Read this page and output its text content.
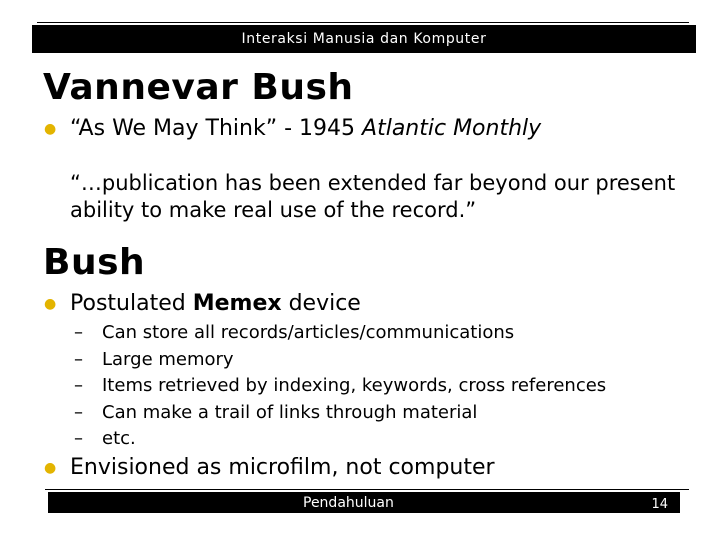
Interaksi Manusia dan Komputer
Vannevar Bush
● “As We May Think” - 1945 Atlantic Monthly
“…publication has been extended far beyond our present
ability to make real use of the record.”
Bush
● Postulated Memex device
–	Can store all records/articles/communications
–	Large memory
–	Items retrieved by indexing, keywords, cross references
–	Can make a trail of links through material
–	etc.
● Envisioned as microfilm, not computer
Pendahuluan	14
